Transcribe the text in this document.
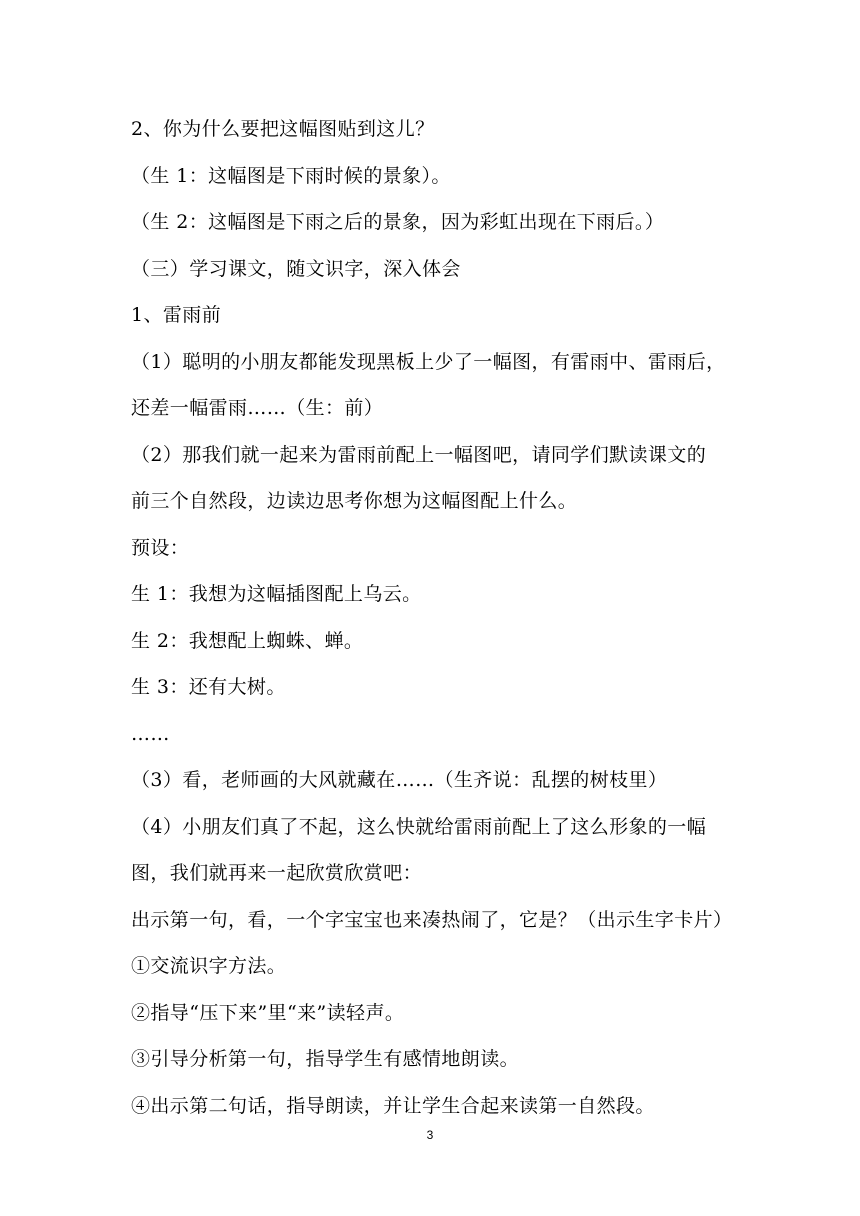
2、你为什么要把这幅图贴到这儿？
（生 1：这幅图是下雨时候的景象）。
（生 2：这幅图是下雨之后的景象，因为彩虹出现在下雨后。）
（三）学习课文，随文识字，深入体会
1、雷雨前
（1）聪明的小朋友都能发现黑板上少了一幅图，有雷雨中、雷雨后，
还差一幅雷雨……（生：前）
（2）那我们就一起来为雷雨前配上一幅图吧，请同学们默读课文的
前三个自然段，边读边思考你想为这幅图配上什么。
预设：
生 1：我想为这幅插图配上乌云。
生 2：我想配上蜘蛛、蝉。
生 3：还有大树。
……
（3）看，老师画的大风就藏在……（生齐说：乱摆的树枝里）
（4）小朋友们真了不起，这么快就给雷雨前配上了这么形象的一幅
图，我们就再来一起欣赏欣赏吧：
出示第一句，看，一个字宝宝也来凑热闹了，它是？（出示生字卡片）
①交流识字方法。
②指导“压下来”里“来”读轻声。
③引导分析第一句，指导学生有感情地朗读。
④出示第二句话，指导朗读，并让学生合起来读第一自然段。
3
